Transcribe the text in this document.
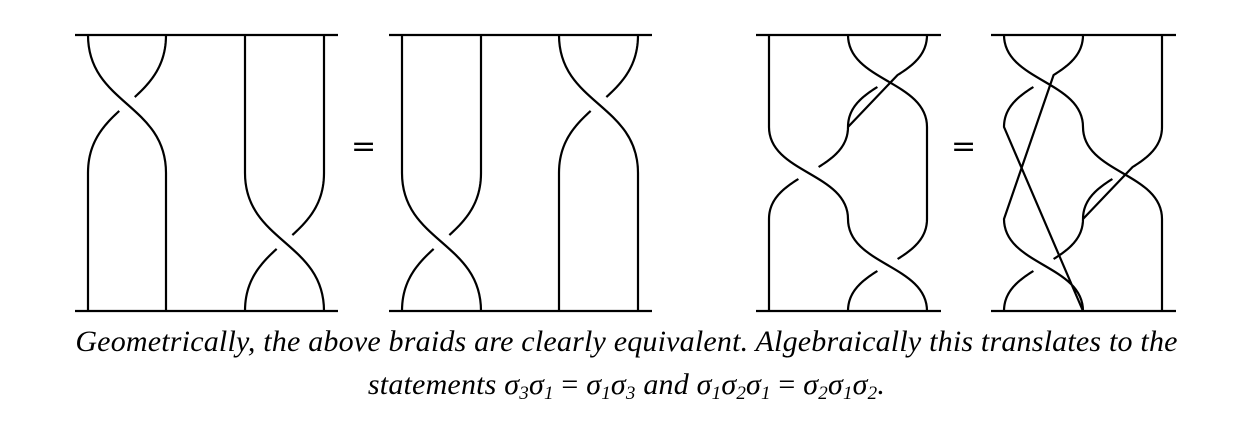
=	=
Geometrically, the above braids are clearly equivalent. Algebraically this translates to the
statements $\sigma_3\sigma_1 = \sigma_1\sigma_3$ and $\sigma_1\sigma_2\sigma_1 = \sigma_2\sigma_1\sigma_2$.
